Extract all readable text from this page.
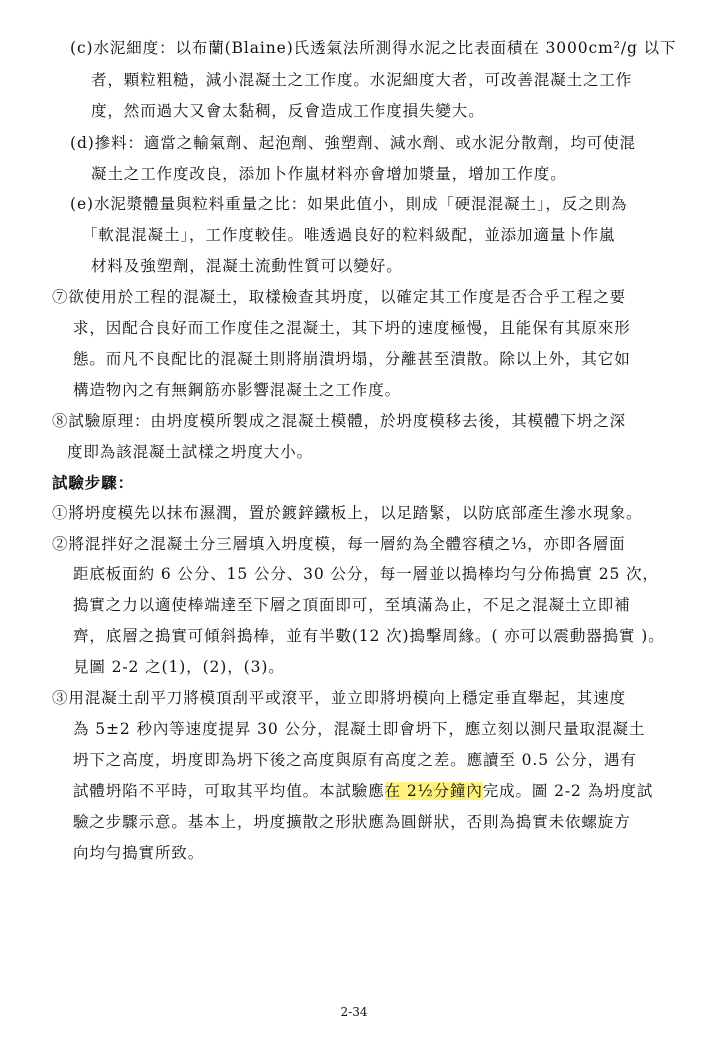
(c)水泥細度：以布蘭(Blaine)氏透氣法所測得水泥之比表面積在 3000cm²/g 以下
者，顆粒粗糙，減小混凝土之工作度。水泥細度大者，可改善混凝土之工作
度，然而過大又會太黏稠，反會造成工作度損失變大。
(d)摻料：適當之輸氣劑、起泡劑、強塑劑、減水劑、或水泥分散劑，均可使混
凝土之工作度改良，添加卜作嵐材料亦會增加漿量，增加工作度。
(e)水泥漿體量與粒料重量之比：如果此值小，則成「硬混混凝土」，反之則為
「軟混混凝土」，工作度較佳。唯透過良好的粒料級配，並添加適量卜作嵐
材料及強塑劑，混凝土流動性質可以變好。
⑦欲使用於工程的混凝土，取樣檢查其坍度，以確定其工作度是否合乎工程之要
求，因配合良好而工作度佳之混凝土，其下坍的速度極慢，且能保有其原來形
態。而凡不良配比的混凝土則將崩潰坍塌，分離甚至潰散。除以上外，其它如
構造物內之有無鋼筋亦影響混凝土之工作度。
⑧試驗原理：由坍度模所製成之混凝土模體，於坍度模移去後，其模體下坍之深
度即為該混凝土試樣之坍度大小。
試驗步驟：
①將坍度模先以抹布濕潤，置於鍍鋅鐵板上，以足踏緊，以防底部產生滲水現象。
②將混拌好之混凝土分三層填入坍度模，每一層約為全體容積之⅓，亦即各層面
距底板面約 6 公分、15 公分、30 公分，每一層並以搗棒均勻分佈搗實 25 次，
搗實之力以適使棒端達至下層之頂面即可，至填滿為止，不足之混凝土立即補
齊，底層之搗實可傾斜搗棒，並有半數(12 次)搗擊周緣。( 亦可以震動器搗實 )。
見圖 2-2 之(1)，(2)，(3)。
③用混凝土刮平刀將模頂刮平或滾平，並立即將坍模向上穩定垂直舉起，其速度
為 5±2 秒內等速度提昇 30 公分，混凝土即會坍下，應立刻以測尺量取混凝土
坍下之高度，坍度即為坍下後之高度與原有高度之差。應讀至 0.5 公分，遇有
試體坍陷不平時，可取其平均值。本試驗應在 2½分鐘內完成。圖 2-2 為坍度試
驗之步驟示意。基本上，坍度擴散之形狀應為圓餅狀，否則為搗實未依螺旋方
向均勻搗實所致。
2-34
